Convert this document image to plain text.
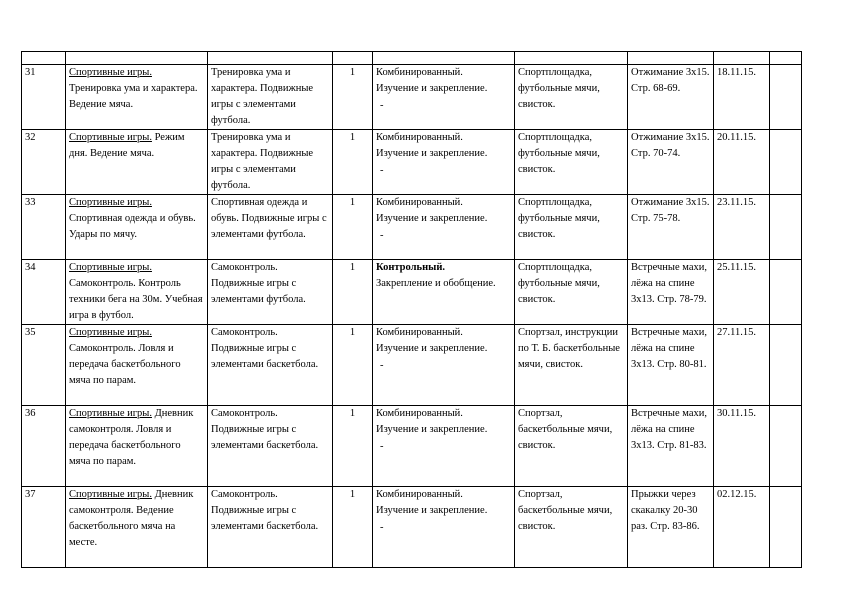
31	Спортивные игры. Тренировка ума и характера. Ведение мяча.	Тренировка ума и характера. Подвижные игры с элементами футбола.	1	Комбинированный.
Изучение и закрепление.
-	Спортплощадка, футбольные мячи, свисток.	Отжимание 3х15. Стр. 68-69.	18.11.15.	
32	Спортивные игры. Режим дня. Ведение мяча.	Тренировка ума и характера. Подвижные игры с элементами футбола.	1	Комбинированный.
Изучение и закрепление.
-	Спортплощадка, футбольные мячи, свисток.	Отжимание 3х15. Стр. 70-74.	20.11.15.	
33	Спортивные игры. Спортивная одежда и обувь. Удары по мячу.	Спортивная одежда и обувь. Подвижные игры с элементами футбола.	1	Комбинированный.
Изучение и закрепление.
-	Спортплощадка, футбольные мячи, свисток.	Отжимание 3х15. Стр. 75-78.	23.11.15.	
34	Спортивные игры. Самоконтроль. Контроль техники бега на 30м. Учебная игра в футбол.	Самоконтроль. Подвижные игры с элементами футбола.	1	Контрольный.
Закрепление и обобщение.	Спортплощадка, футбольные мячи, свисток.	Встречные махи, лёжа на спине 3х13. Стр. 78-79.	25.11.15.	
35	Спортивные игры. Самоконтроль. Ловля и передача баскетбольного мяча по парам.	Самоконтроль. Подвижные игры с элементами баскетбола.	1	Комбинированный.
Изучение и закрепление.
-	Спортзал, инструкции по Т. Б. баскетбольные мячи, свисток.	Встречные махи, лёжа на спине 3х13. Стр. 80-81.	27.11.15.	
36	Спортивные игры. Дневник самоконтроля. Ловля и передача баскетбольного мяча по парам.	Самоконтроль. Подвижные игры с элементами баскетбола.	1	Комбинированный.
Изучение и закрепление.
-	Спортзал, баскетбольные мячи, свисток.	Встречные махи, лёжа на спине 3х13. Стр. 81-83.	30.11.15.	
37	Спортивные игры. Дневник самоконтроля. Ведение баскетбольного мяча на месте.	Самоконтроль. Подвижные игры с элементами баскетбола.	1	Комбинированный.
Изучение и закрепление.
-	Спортзал, баскетбольные мячи, свисток.	Прыжки через скакалку 20-30 раз. Стр. 83-86.	02.12.15.	
